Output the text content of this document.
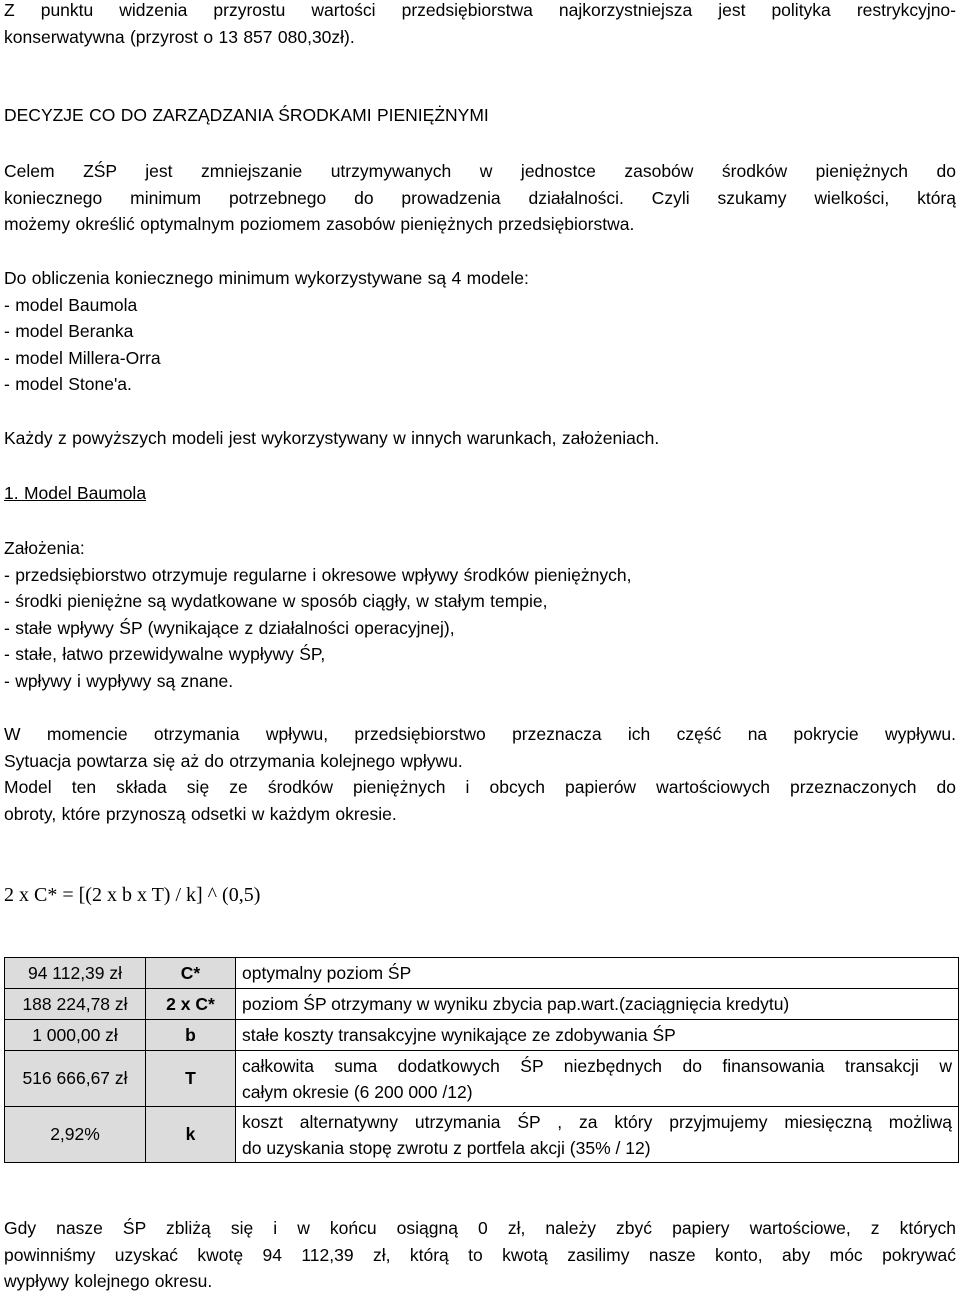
Z punktu widzenia przyrostu wartości przedsiębiorstwa najkorzystniejsza jest polityka restrykcyjno-
konserwatywna (przyrost o 13 857 080,30zł).

DECYZJE CO DO ZARZĄDZANIA ŚRODKAMI PIENIĘŻNYMI

Celem ZŚP jest zmniejszanie utrzymywanych w jednostce zasobów środków pieniężnych do
koniecznego minimum potrzebnego do prowadzenia działalności. Czyli szukamy wielkości, którą
możemy określić optymalnym poziomem zasobów pieniężnych przedsiębiorstwa.

Do obliczenia koniecznego minimum wykorzystywane są 4 modele:
- model Baumola
- model Beranka
- model Millera-Orra
- model Stone'a.

Każdy z powyższych modeli jest wykorzystywany w innych warunkach, założeniach.

1. Model Baumola

Założenia:
- przedsiębiorstwo otrzymuje regularne i okresowe wpływy środków pieniężnych,
- środki pieniężne są wydatkowane w sposób ciągły, w stałym tempie,
- stałe wpływy ŚP (wynikające z działalności operacyjnej),
- stałe, łatwo przewidywalne wypływy ŚP,
- wpływy i wypływy są znane.

W momencie otrzymania wpływu, przedsiębiorstwo przeznacza ich część na pokrycie wypływu.
Sytuacja powtarza się aż do otrzymania kolejnego wpływu.
Model ten składa się ze środków pieniężnych i obcych papierów wartościowych przeznaczonych do
obroty, które przynoszą odsetki w każdym okresie.

2 x C* = [(2 x b x T) / k] ^ (0,5)
94 112,39 zł	C*	optymalny poziom ŚP
188 224,78 zł	2 x C*	poziom ŚP otrzymany w wyniku zbycia pap.wart.(zaciągnięcia kredytu)
1 000,00 zł	b	stałe koszty transakcyjne wynikające ze zdobywania ŚP
516 666,67 zł	T	całkowita suma dodatkowych ŚP niezbędnych do finansowania transakcji w
całym okresie (6 200 000 /12)

2,92%	k	koszt alternatywny utrzymania ŚP , za który przyjmujemy miesięczną możliwą
do uzyskania stopę zwrotu z portfela akcji (35% / 12)

Gdy nasze ŚP zbliżą się i w końcu osiągną 0 zł, należy zbyć papiery wartościowe, z których
powinniśmy uzyskać kwotę 94 112,39 zł, którą to kwotą zasilimy nasze konto, aby móc pokrywać
wypływy kolejnego okresu.
